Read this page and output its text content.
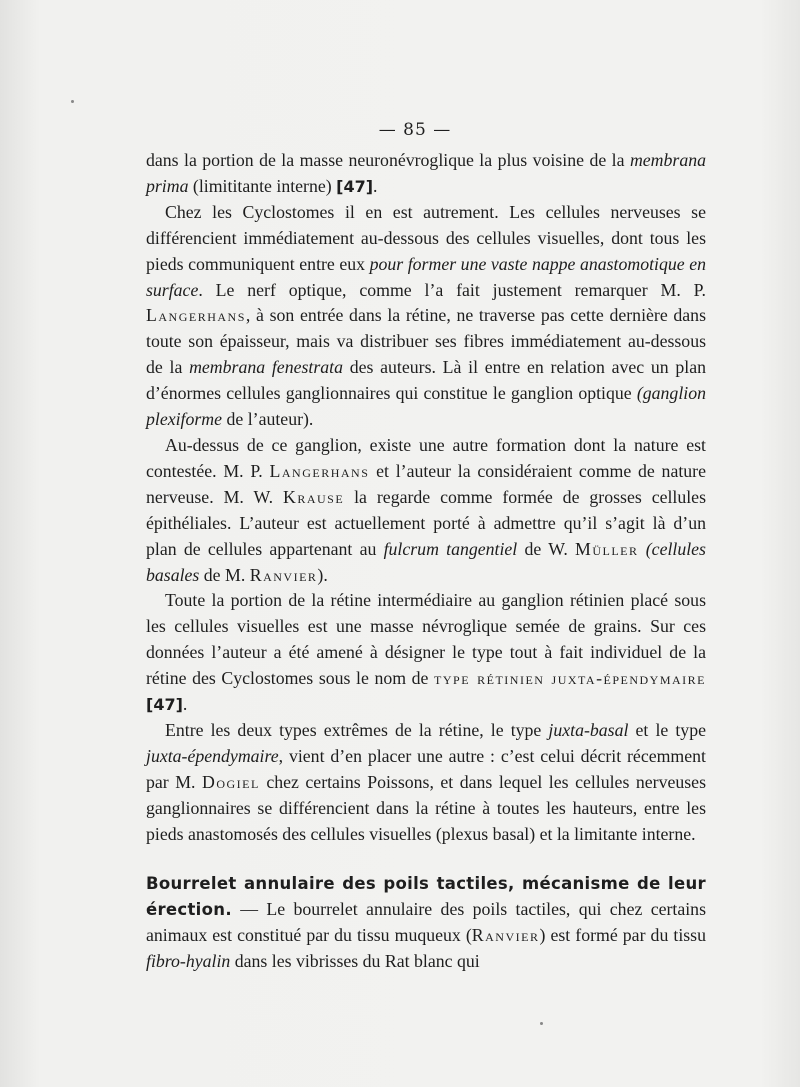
— 85 —

dans la portion de la masse neuronévroglique la plus voisine de la membrana prima (limititante interne) [47].

Chez les Cyclostomes il en est autrement. Les cellules nerveuses se différencient immédiatement au-dessous des cellules visuelles, dont tous les pieds communiquent entre eux pour former une vaste nappe anastomotique en surface. Le nerf optique, comme l’a fait justement remarquer M. P. Langerhans, à son entrée dans la rétine, ne traverse pas cette dernière dans toute son épaisseur, mais va distribuer ses fibres immédiatement au-dessous de la membrana fenestrata des auteurs. Là il entre en relation avec un plan d’énormes cellules ganglionnaires qui constitue le ganglion optique (ganglion plexiforme de l’auteur).

Au-dessus de ce ganglion, existe une autre formation dont la nature est contestée. M. P. Langerhans et l’auteur la considéraient comme de nature nerveuse. M. W. Krause la regarde comme formée de grosses cellules épithéliales. L’auteur est actuellement porté à admettre qu’il s’agit là d’un plan de cellules appartenant au fulcrum tangentiel de W. Müller (cellules basales de M. Ranvier).

Toute la portion de la rétine intermédiaire au ganglion rétinien placé sous les cellules visuelles est une masse névroglique semée de grains. Sur ces données l’auteur a été amené à désigner le type tout à fait individuel de la rétine des Cyclostomes sous le nom de type rétinien juxta-épendymaire [47].

Entre les deux types extrêmes de la rétine, le type juxta-basal et le type juxta-épendymaire, vient d’en placer une autre : c’est celui décrit récemment par M. Dogiel chez certains Poissons, et dans lequel les cellules nerveuses ganglionnaires se différencient dans la rétine à toutes les hauteurs, entre les pieds anastomosés des cellules visuelles (plexus basal) et la limitante interne.

Bourrelet annulaire des poils tactiles, mécanisme de leur érection. — Le bourrelet annulaire des poils tactiles, qui chez certains animaux est constitué par du tissu muqueux (Ranvier) est formé par du tissu fibro-hyalin dans les vibrisses du Rat blanc qui
